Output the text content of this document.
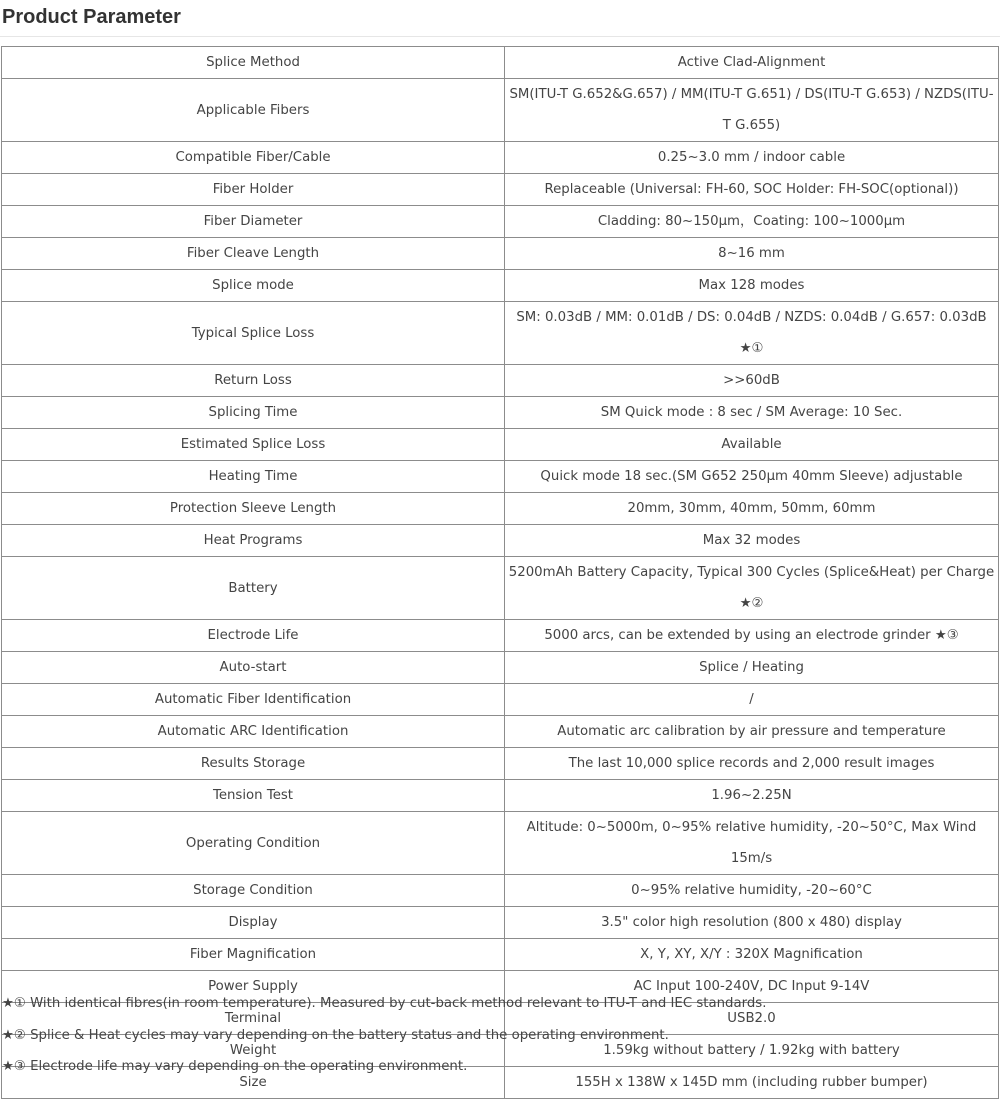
Product Parameter
Splice Method	Active Clad-Alignment
Applicable Fibers	SM(ITU-T G.652&G.657) / MM(ITU-T G.651) / DS(ITU-T G.653) / NZDS(ITU-T G.655)
Compatible Fiber/Cable	0.25~3.0 mm / indoor cable
Fiber Holder	Replaceable (Universal: FH-60, SOC Holder: FH-SOC(optional))
Fiber Diameter	Cladding: 80~150μm，Coating: 100~1000μm
Fiber Cleave Length	8~16 mm
Splice mode	Max 128 modes
Typical Splice Loss	SM: 0.03dB / MM: 0.01dB / DS: 0.04dB / NZDS: 0.04dB / G.657: 0.03dB ★①
Return Loss	>>60dB
Splicing Time	SM Quick mode : 8 sec / SM Average: 10 Sec.
Estimated Splice Loss	Available
Heating Time	Quick mode 18 sec.(SM G652 250μm 40mm Sleeve) adjustable
Protection Sleeve Length	20mm, 30mm, 40mm, 50mm, 60mm
Heat Programs	Max 32 modes
Battery	5200mAh Battery Capacity, Typical 300 Cycles (Splice&Heat) per Charge ★②
Electrode Life	5000 arcs, can be extended by using an electrode grinder ★③
Auto-start	Splice / Heating
Automatic Fiber Identification	/
Automatic ARC Identification	Automatic arc calibration by air pressure and temperature
Results Storage	The last 10,000 splice records and 2,000 result images
Tension Test	1.96~2.25N
Operating Condition	Altitude: 0~5000m, 0~95% relative humidity, -20~50°C, Max Wind 15m/s
Storage Condition	0~95% relative humidity, -20~60°C
Display	3.5" color high resolution (800 x 480) display
Fiber Magnification	X, Y, XY, X/Y : 320X Magnification
Power Supply	AC Input 100-240V, DC Input 9-14V
Terminal	USB2.0
Weight	1.59kg without battery / 1.92kg with battery
Size	155H x 138W x 145D mm (including rubber bumper)
★① With identical fibres(in room temperature). Measured by cut-back method relevant to ITU-T and IEC standards.
★② Splice & Heat cycles may vary depending on the battery status and the operating environment.
★③ Electrode life may vary depending on the operating environment.
